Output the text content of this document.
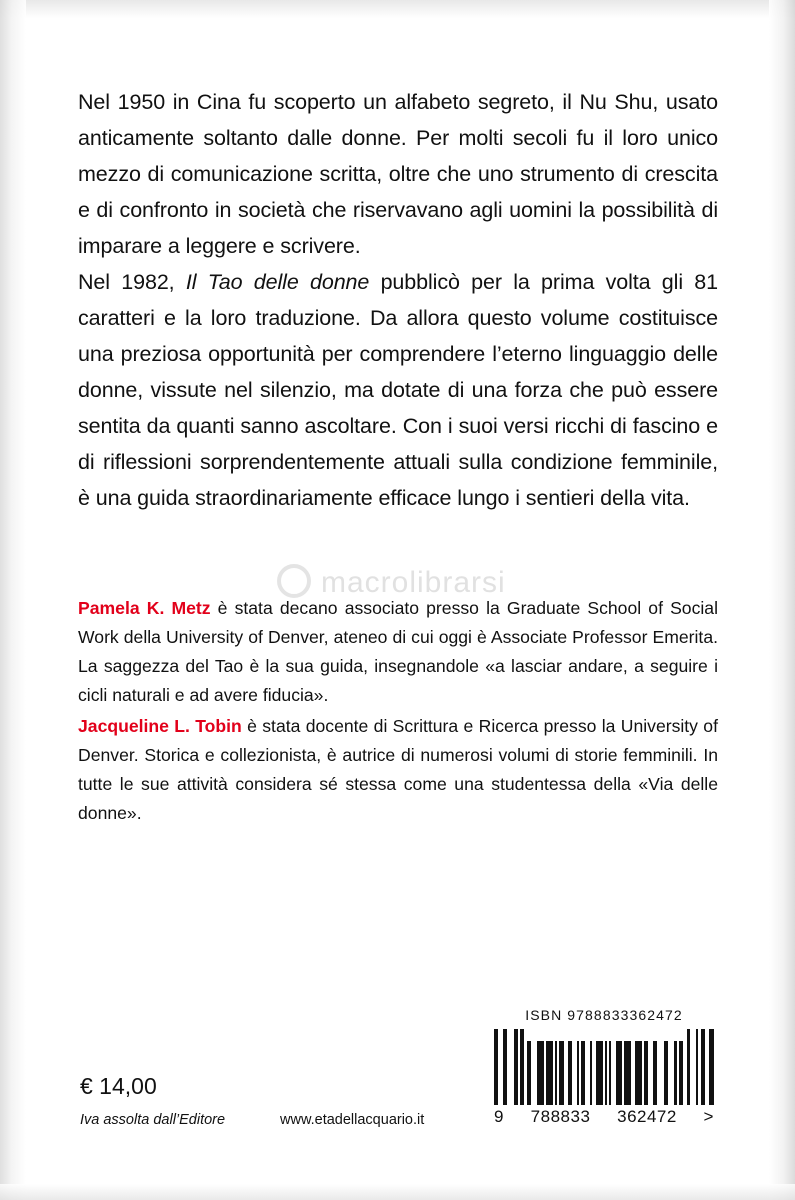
Nel 1950 in Cina fu scoperto un alfabeto segreto, il Nu Shu, usato anticamente soltanto dalle donne. Per molti secoli fu il loro unico mezzo di comunicazione scritta, oltre che uno strumento di crescita e di confronto in società che riservavano agli uomini la possibilità di imparare a leggere e scrivere.

Nel 1982, Il Tao delle donne pubblicò per la prima volta gli 81 caratteri e la loro traduzione. Da allora questo volume costituisce una preziosa opportunità per comprendere l’eterno linguaggio delle donne, vissute nel silenzio, ma dotate di una forza che può essere sentita da quanti sanno ascoltare. Con i suoi versi ricchi di fascino e di riflessioni sorprendentemente attuali sulla condizione femminile, è una guida straordinariamente efficace lungo i sentieri della vita.

Pamela K. Metz è stata decano associato presso la Graduate School of Social Work della University of Denver, ateneo di cui oggi è Associate Professor Emerita. La saggezza del Tao è la sua guida, insegnandole «a lasciar andare, a seguire i cicli naturali e ad avere fiducia».

Jacqueline L. Tobin è stata docente di Scrittura e Ricerca presso la University of Denver. Storica e collezionista, è autrice di numerosi volumi di storie femminili. In tutte le sue attività considera sé stessa come una studentessa della «Via delle donne».

macrolibrarsi
€ 14,00
Iva assolta dall’Editore	www.etadellacquario.it
ISBN 9788833362472
9 788833 362472 >
